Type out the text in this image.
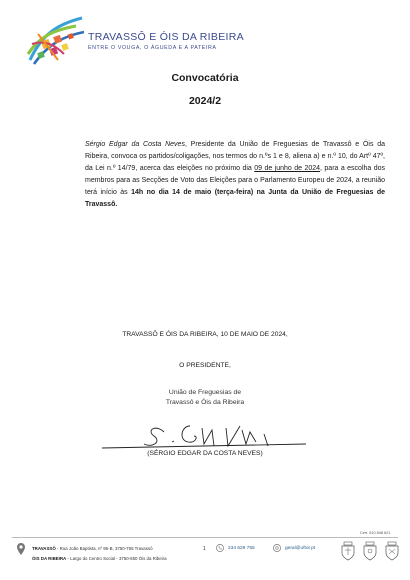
TRAVASSÔ E ÓIS DA RIBEIRA
ENTRE O VOUGA, O ÁGUEDA E A PATEIRA
Convocatória
2024/2
Sérgio Edgar da Costa Neves, Presidente da União de Freguesias de Travassô e Óis da Ribeira, convoca os partidos/coligações, nos termos do n.ºs 1 e 8, aliena a) e n.º 10, do Artº 47º, da Lei n.º 14/79, acerca das eleições no próximo dia 09 de junho de 2024, para a escolha dos membros para as Secções de Voto das Eleições para o Parlamento Europeu de 2024, a reunião terá início às 14h no dia 14 de maio (terça-feira) na Junta da União de Freguesias de Travassô.
TRAVASSÔ E ÓIS DA RIBEIRA, 10 DE MAIO DE 2024,
O PRESIDENTE,
União de Freguesias de
Travassô e Óis da Ribeira
(SÉRGIO EDGAR DA COSTA NEVES)
Cert. 510 848 621
TRAVASSÔ - Rua João Baptista, nº 95-B, 3750-755 Travassô
ÓIS DA RIBEIRA - Largo do Centro Social - 3750-650 Óis da Ribeira
1	234 629 755	geral@uftor.pt
